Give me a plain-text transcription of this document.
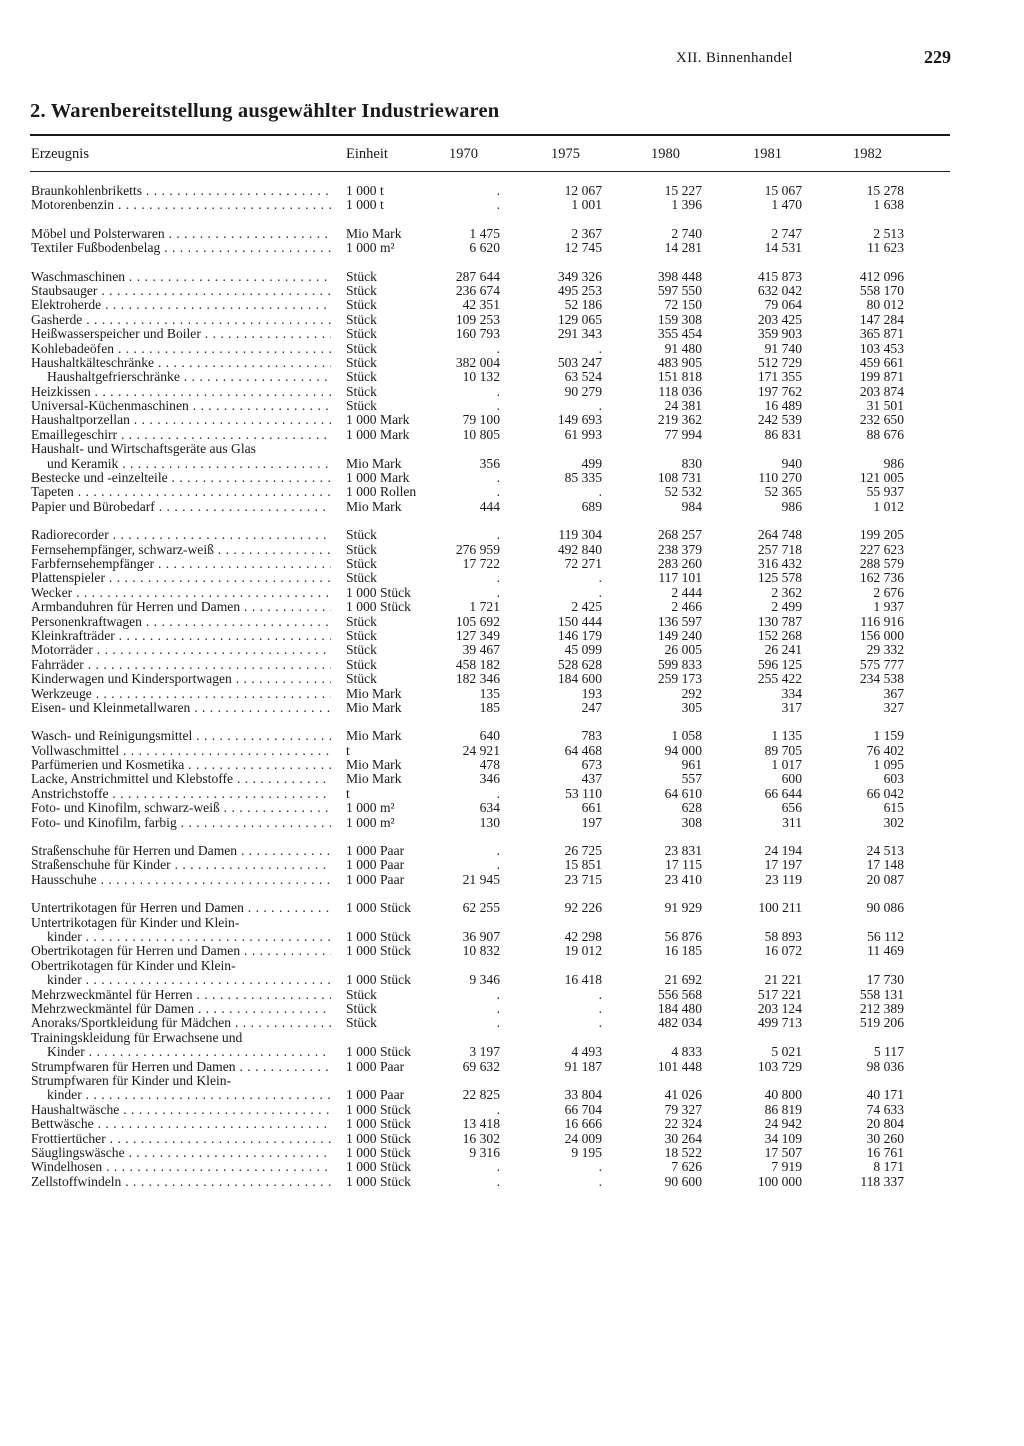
XII. Binnenhandel	229
2. Warenbereitstellung ausgewählter Industriewaren
Erzeugnis	Einheit	1970	1975	1980	1981	1982
Braunkohlenbriketts . . .	1 000 t	.	12 067	15 227	15 067	15 278
Motorenbenzin . . .	1 000 t	.	1 001	1 396	1 470	1 638
Möbel und Polsterwaren . . .	Mio Mark	1 475	2 367	2 740	2 747	2 513
Textiler Fußbodenbelag . . .	1 000 m²	6 620	12 745	14 281	14 531	11 623
Waschmaschinen . . .	Stück	287 644	349 326	398 448	415 873	412 096
Staubsauger . . .	Stück	236 674	495 253	597 550	632 042	558 170
Elektroherde . . .	Stück	42 351	52 186	72 150	79 064	80 012
Gasherde . . .	Stück	109 253	129 065	159 308	203 425	147 284
Heißwasserspeicher und Boiler . . .	Stück	160 793	291 343	355 454	359 903	365 871
Kohlebadeöfen . . .	Stück	.	.	91 480	91 740	103 453
Haushaltkälteschränke . . .	Stück	382 004	503 247	483 905	512 729	459 661
Haushaltgefrierschränke . . .	Stück	10 132	63 524	151 818	171 355	199 871
Heizkissen . . .	Stück	.	90 279	118 036	197 762	203 874
Universal-Küchenmaschinen . . .	Stück	.	.	24 381	16 489	31 501
Haushaltporzellan . . .	1 000 Mark	79 100	149 693	219 362	242 539	232 650
Emaillegeschirr . . .	1 000 Mark	10 805	61 993	77 994	86 831	88 676
Haushalt- und Wirtschaftsgeräte aus Glas
und Keramik . . .	Mio Mark	356	499	830	940	986
Bestecke und -einzelteile . . .	1 000 Mark	.	85 335	108 731	110 270	121 005
Tapeten . . .	1 000 Rollen	.	.	52 532	52 365	55 937
Papier und Bürobedarf . . .	Mio Mark	444	689	984	986	1 012
Radiorecorder . . .	Stück	.	119 304	268 257	264 748	199 205
Fernsehempfänger, schwarz-weiß . . .	Stück	276 959	492 840	238 379	257 718	227 623
Farbfernsehempfänger . . .	Stück	17 722	72 271	283 260	316 432	288 579
Plattenspieler . . .	Stück	.	.	117 101	125 578	162 736
Wecker . . .	1 000 Stück	.	.	2 444	2 362	2 676
Armbanduhren für Herren und Damen . . .	1 000 Stück	1 721	2 425	2 466	2 499	1 937
Personenkraftwagen . . .	Stück	105 692	150 444	136 597	130 787	116 916
Kleinkrafträder . . .	Stück	127 349	146 179	149 240	152 268	156 000
Motorräder . . .	Stück	39 467	45 099	26 005	26 241	29 332
Fahrräder . . .	Stück	458 182	528 628	599 833	596 125	575 777
Kinderwagen und Kindersportwagen . . .	Stück	182 346	184 600	259 173	255 422	234 538
Werkzeuge . . .	Mio Mark	135	193	292	334	367
Eisen- und Kleinmetallwaren . . .	Mio Mark	185	247	305	317	327
Wasch- und Reinigungsmittel . . .	Mio Mark	640	783	1 058	1 135	1 159
Vollwaschmittel . . .	t	24 921	64 468	94 000	89 705	76 402
Parfümerien und Kosmetika . . .	Mio Mark	478	673	961	1 017	1 095
Lacke, Anstrichmittel und Klebstoffe . . .	Mio Mark	346	437	557	600	603
Anstrichstoffe . . .	t	.	53 110	64 610	66 644	66 042
Foto- und Kinofilm, schwarz-weiß . . .	1 000 m²	634	661	628	656	615
Foto- und Kinofilm, farbig . . .	1 000 m²	130	197	308	311	302
Straßenschuhe für Herren und Damen . . .	1 000 Paar	.	26 725	23 831	24 194	24 513
Straßenschuhe für Kinder . . .	1 000 Paar	.	15 851	17 115	17 197	17 148
Hausschuhe . . .	1 000 Paar	21 945	23 715	23 410	23 119	20 087
Untertrikotagen für Herren und Damen . . .	1 000 Stück	62 255	92 226	91 929	100 211	90 086
Untertrikotagen für Kinder und Klein-
kinder . . .	1 000 Stück	36 907	42 298	56 876	58 893	56 112
Obertrikotagen für Herren und Damen . . .	1 000 Stück	10 832	19 012	16 185	16 072	11 469
Obertrikotagen für Kinder und Klein-
kinder . . .	1 000 Stück	9 346	16 418	21 692	21 221	17 730
Mehrzweckmäntel für Herren . . .	Stück	.	.	556 568	517 221	558 131
Mehrzweckmäntel für Damen . . .	Stück	.	.	184 480	203 124	212 389
Anoraks/Sportkleidung für Mädchen . . .	Stück	.	.	482 034	499 713	519 206
Trainingskleidung für Erwachsene und
Kinder . . .	1 000 Stück	3 197	4 493	4 833	5 021	5 117
Strumpfwaren für Herren und Damen . . .	1 000 Paar	69 632	91 187	101 448	103 729	98 036
Strumpfwaren für Kinder und Klein-
kinder . . .	1 000 Paar	22 825	33 804	41 026	40 800	40 171
Haushaltwäsche . . .	1 000 Stück	.	66 704	79 327	86 819	74 633
Bettwäsche . . .	1 000 Stück	13 418	16 666	22 324	24 942	20 804
Frottiertücher . . .	1 000 Stück	16 302	24 009	30 264	34 109	30 260
Säuglingswäsche . . .	1 000 Stück	9 316	9 195	18 522	17 507	16 761
Windelhosen . . .	1 000 Stück	.	.	7 626	7 919	8 171
Zellstoffwindeln . . .	1 000 Stück	.	.	90 600	100 000	118 337
